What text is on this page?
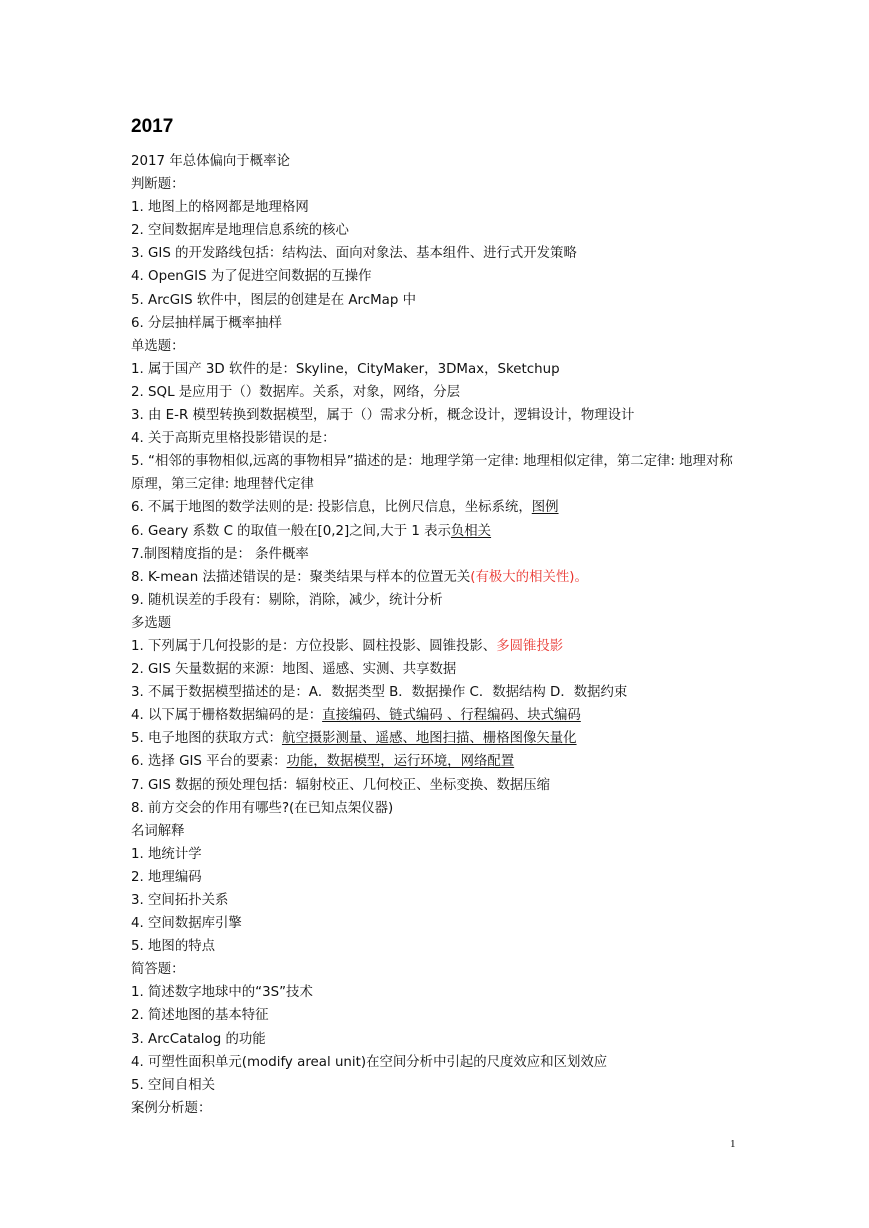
2017
2017 年总体偏向于概率论
判断题：
1. 地图上的格网都是地理格网
2. 空间数据库是地理信息系统的核心
3. GIS 的开发路线包括：结构法、面向对象法、基本组件、进行式开发策略
4. OpenGIS 为了促进空间数据的互操作
5. ArcGIS 软件中，图层的创建是在 ArcMap 中
6. 分层抽样属于概率抽样
单选题：
1. 属于国产 3D 软件的是：Skyline，CityMaker，3DMax，Sketchup
2. SQL 是应用于（）数据库。关系，对象，网络，分层
3. 由 E-R 模型转换到数据模型，属于（）需求分析，概念设计，逻辑设计，物理设计
4. 关于高斯克里格投影错误的是：
5. “相邻的事物相似,远离的事物相异”描述的是：地理学第一定律: 地理相似定律，第二定律: 地理对称原理，第三定律: 地理替代定律
6. 不属于地图的数学法则的是: 投影信息，比例尺信息，坐标系统，图例
6. Geary 系数 C 的取值一般在[0,2]之间,大于 1 表示负相关
7.制图精度指的是： 条件概率
8. K-mean 法描述错误的是：聚类结果与样本的位置无关(有极大的相关性)。
9. 随机误差的手段有：剔除，消除，减少，统计分析
多选题
1. 下列属于几何投影的是：方位投影、圆柱投影、圆锥投影、多圆锥投影
2. GIS 矢量数据的来源：地图、遥感、实测、共享数据
3. 不属于数据模型描述的是：A．数据类型 B．数据操作 C．数据结构 D．数据约束
4. 以下属于栅格数据编码的是：直接编码、链式编码 、行程编码、块式编码
5. 电子地图的获取方式：航空摄影测量、遥感、地图扫描、栅格图像矢量化
6. 选择 GIS 平台的要素：功能，数据模型，运行环境，网络配置
7. GIS 数据的预处理包括：辐射校正、几何校正、坐标变换、数据压缩
8. 前方交会的作用有哪些?(在已知点架仪器)
名词解释
1. 地统计学
2. 地理编码
3. 空间拓扑关系
4. 空间数据库引擎
5. 地图的特点
简答题：
1. 简述数字地球中的“3S”技术
2. 简述地图的基本特征
3. ArcCatalog 的功能
4. 可塑性面积单元(modify areal unit)在空间分析中引起的尺度效应和区划效应
5. 空间自相关
案例分析题：
1
